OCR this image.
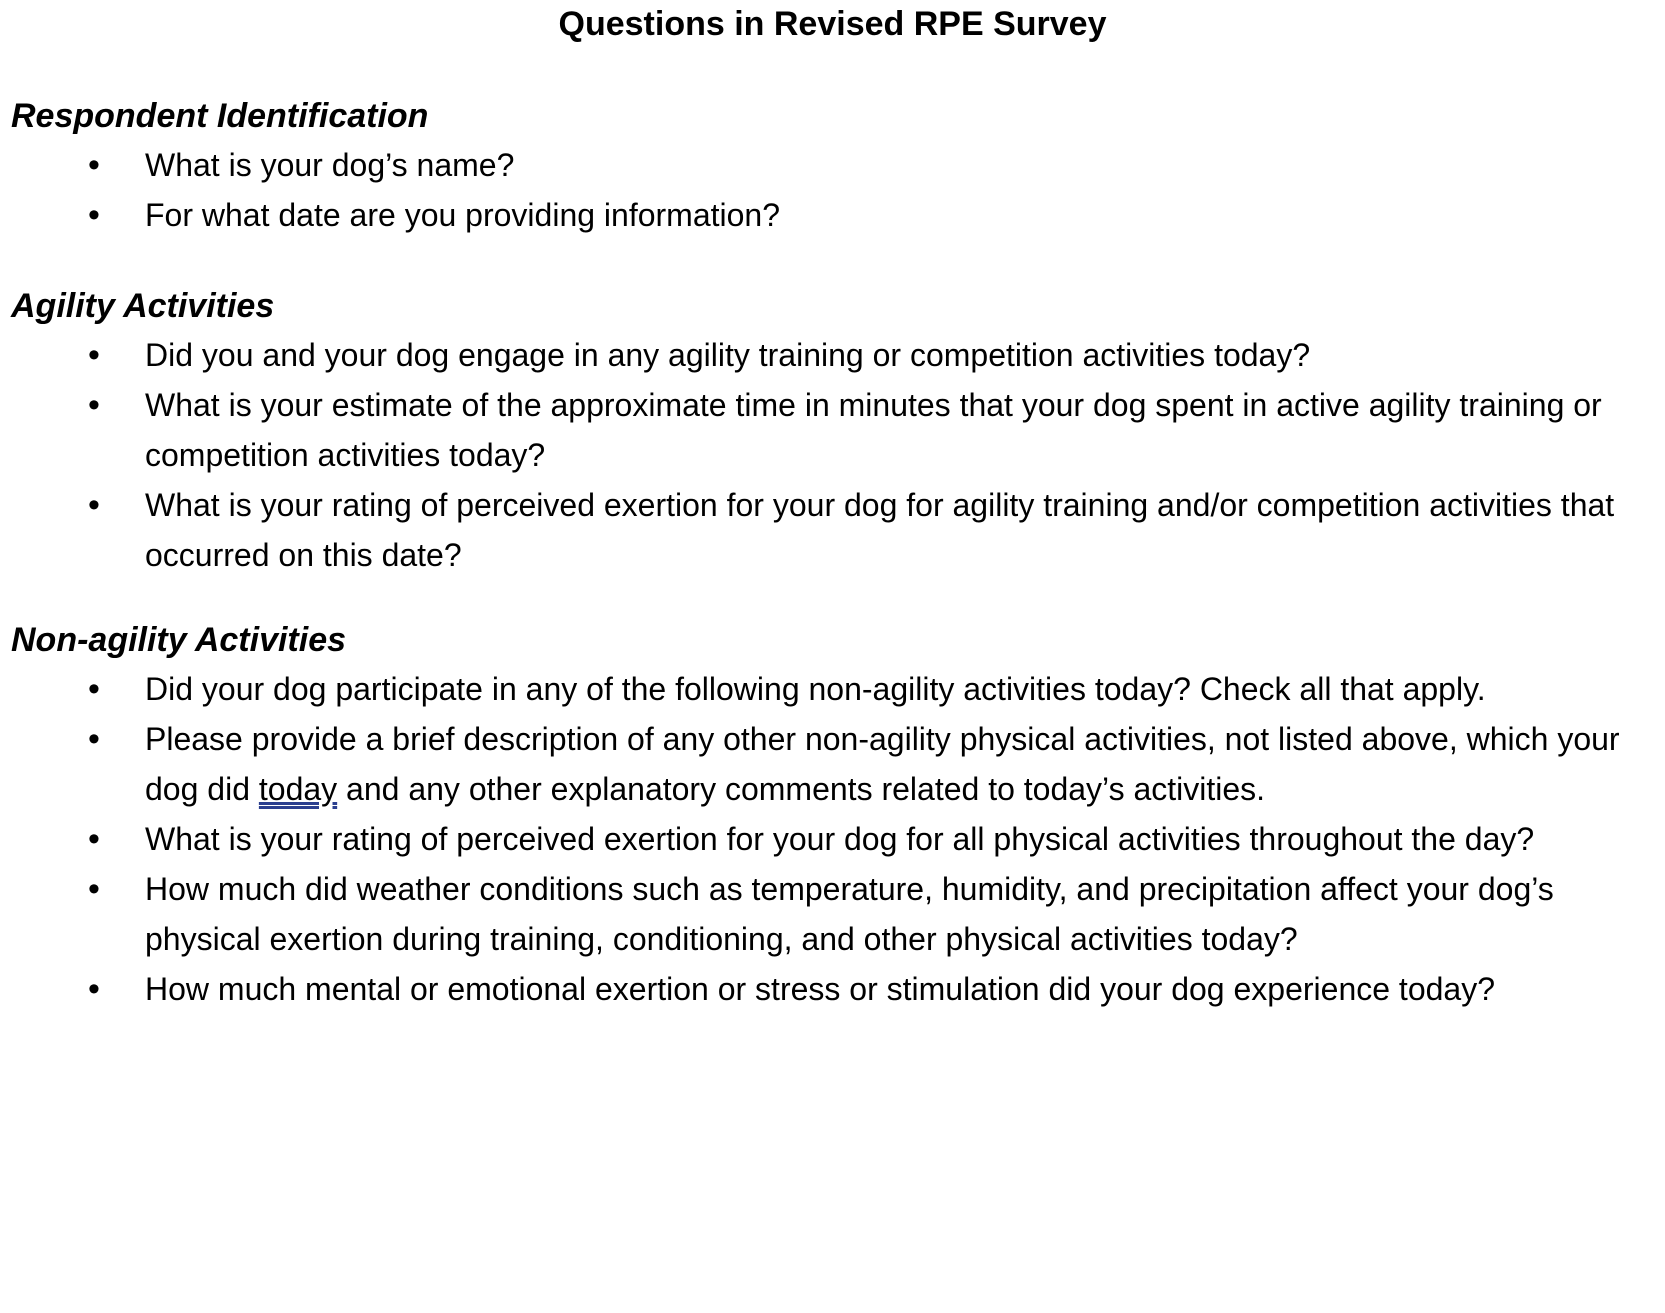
Questions in Revised RPE Survey
Respondent Identification
•	What is your dog’s name?
•	For what date are you providing information?
Agility Activities
•	Did you and your dog engage in any agility training or competition activities today?
•	What is your estimate of the approximate time in minutes that your dog spent in active agility training or competition activities today?
•	What is your rating of perceived exertion for your dog for agility training and/or competition activities that occurred on this date?
Non-agility Activities
•	Did your dog participate in any of the following non-agility activities today? Check all that apply.
•	Please provide a brief description of any other non-agility physical activities, not listed above, which your dog did today and any other explanatory comments related to today’s activities.
•	What is your rating of perceived exertion for your dog for all physical activities throughout the day?
•	How much did weather conditions such as temperature, humidity, and precipitation affect your dog’s physical exertion during training, conditioning, and other physical activities today?
•	How much mental or emotional exertion or stress or stimulation did your dog experience today?
